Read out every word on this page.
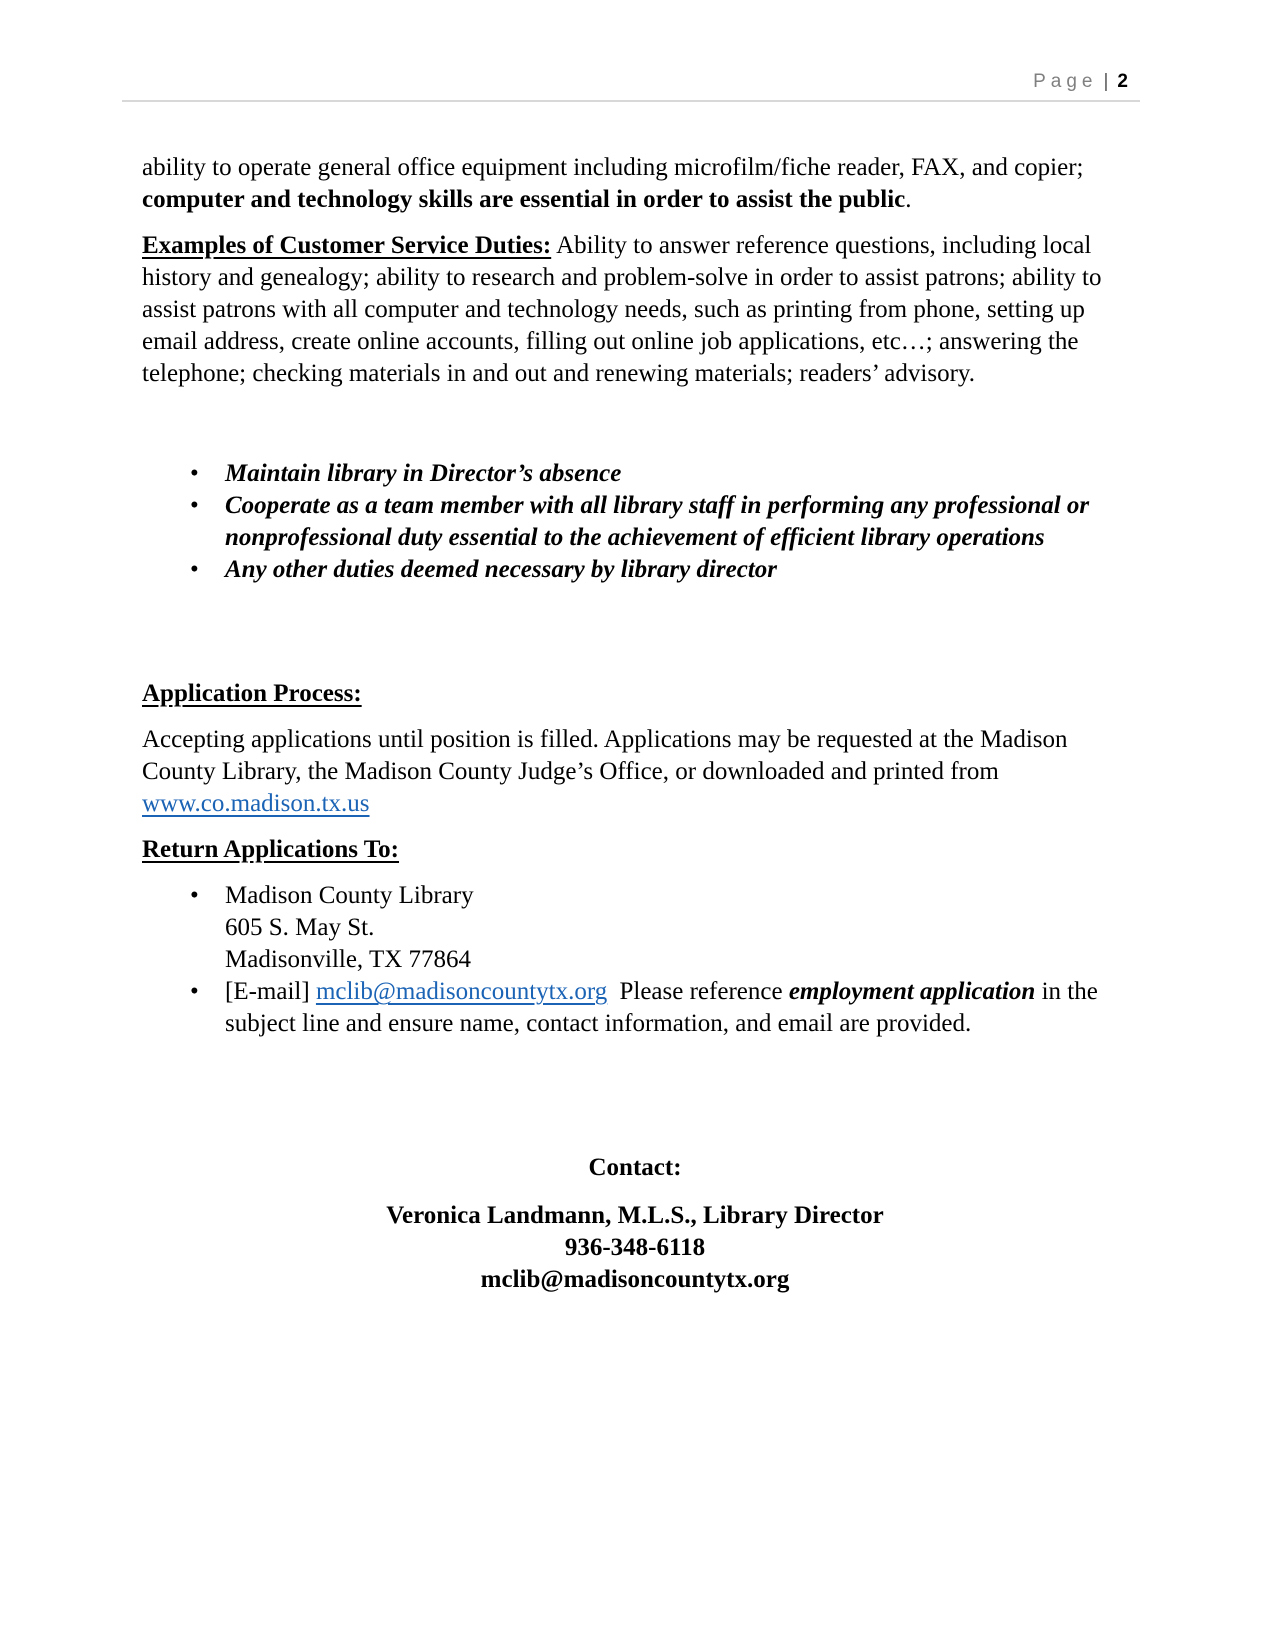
Page | 2

ability to operate general office equipment including microfilm/fiche reader, FAX, and copier; computer and technology skills are essential in order to assist the public.

Examples of Customer Service Duties: Ability to answer reference questions, including local history and genealogy; ability to research and problem-solve in order to assist patrons; ability to assist patrons with all computer and technology needs, such as printing from phone, setting up email address, create online accounts, filling out online job applications, etc…; answering the telephone; checking materials in and out and renewing materials; readers’ advisory.

•	Maintain library in Director’s absence
•	Cooperate as a team member with all library staff in performing any professional or nonprofessional duty essential to the achievement of efficient library operations
•	Any other duties deemed necessary by library director

Application Process:

Accepting applications until position is filled. Applications may be requested at the Madison County Library, the Madison County Judge’s Office, or downloaded and printed from www.co.madison.tx.us

Return Applications To:

•	Madison County Library
605 S. May St.
Madisonville, TX 77864
•	[E-mail] mclib@madisoncountytx.org Please reference employment application in the subject line and ensure name, contact information, and email are provided.

Contact:

Veronica Landmann, M.L.S., Library Director
936-348-6118
mclib@madisoncountytx.org
